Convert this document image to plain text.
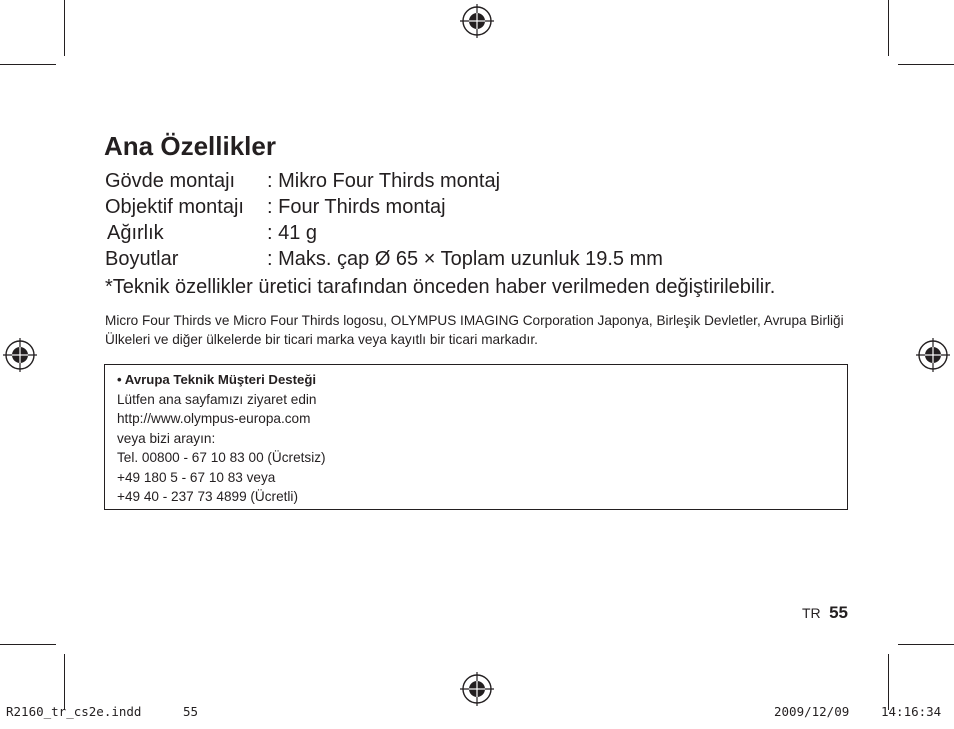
Ana Özellikler
Gövde montajı : Mikro Four Thirds montaj
Objektif montajı : Four Thirds montaj
Ağırlık	: 41 g
Boyutlar	: Maks. çap Ø 65 × Toplam uzunluk 19.5 mm
*Teknik özellikler üretici tarafından önceden haber verilmeden değiştirilebilir.

Micro Four Thirds ve Micro Four Thirds logosu, OLYMPUS IMAGING Corporation Japonya, Birleşik Devletler, Avrupa Birliği Ülkeleri ve diğer ülkelerde bir ticari marka veya kayıtlı bir ticari markadır.

• Avrupa Teknik Müşteri Desteği
Lütfen ana sayfamızı ziyaret edin
http://www.olympus-europa.com
veya bizi arayın:
Tel. 00800 - 67 10 83 00 (Ücretsiz)
+49 180 5 - 67 10 83 veya
+49 40 - 237 73 4899 (Ücretli)
TR 55
R2160_tr_cs2e.indd	55	2009/12/09	14:16:34
